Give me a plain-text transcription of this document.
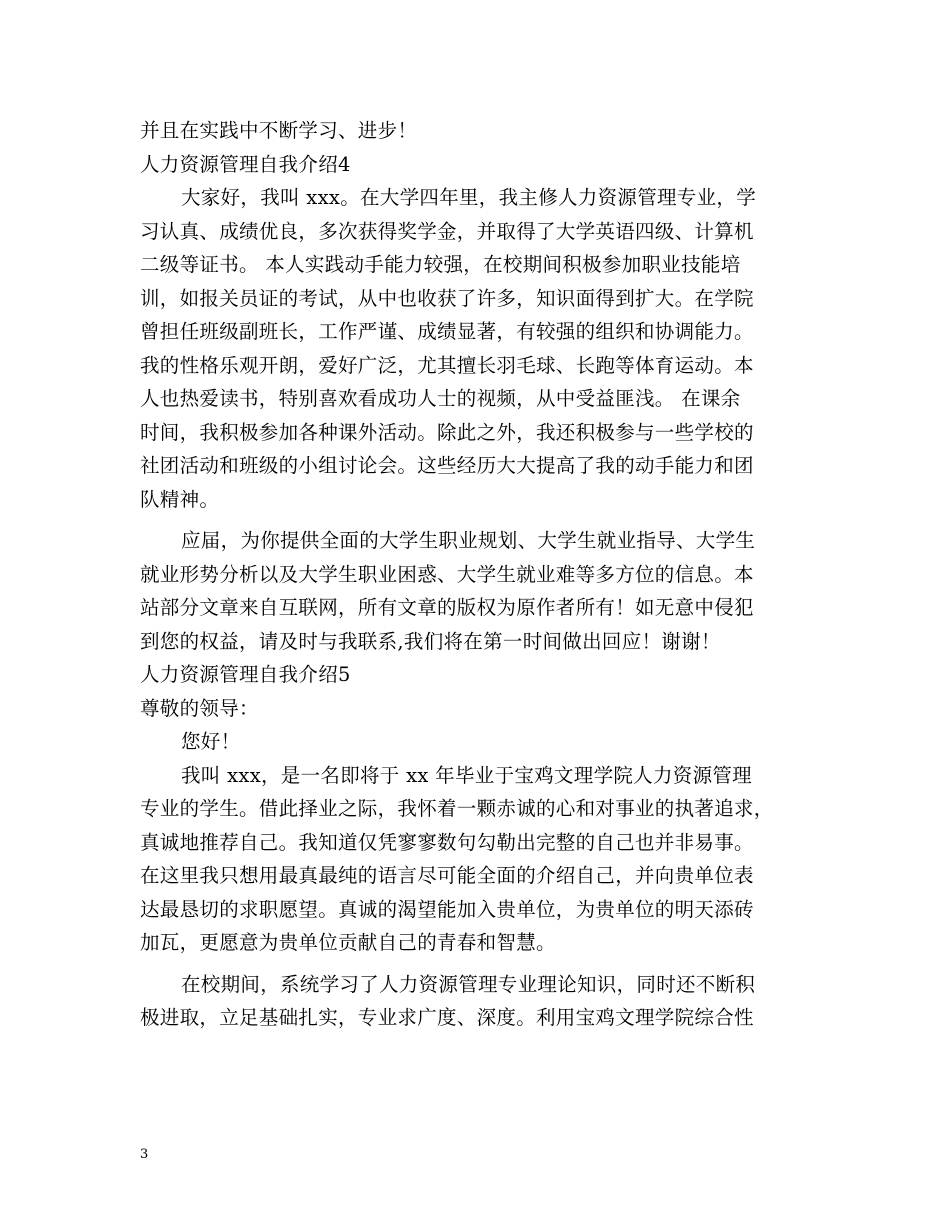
并且在实践中不断学习、进步！
人力资源管理自我介绍4
大家好，我叫 xxx。在大学四年里，我主修人力资源管理专业，学
习认真、成绩优良，多次获得奖学金，并取得了大学英语四级、计算机
二级等证书。 本人实践动手能力较强，在校期间积极参加职业技能培
训，如报关员证的考试，从中也收获了许多，知识面得到扩大。在学院
曾担任班级副班长，工作严谨、成绩显著，有较强的组织和协调能力。
我的性格乐观开朗，爱好广泛，尤其擅长羽毛球、长跑等体育运动。本
人也热爱读书，特别喜欢看成功人士的视频，从中受益匪浅。 在课余
时间，我积极参加各种课外活动。除此之外，我还积极参与一些学校的
社团活动和班级的小组讨论会。这些经历大大提高了我的动手能力和团
队精神。
应届，为你提供全面的大学生职业规划、大学生就业指导、大学生
就业形势分析以及大学生职业困惑、大学生就业难等多方位的信息。本
站部分文章来自互联网，所有文章的版权为原作者所有！如无意中侵犯
到您的权益，请及时与我联系,我们将在第一时间做出回应！谢谢！
人力资源管理自我介绍5
尊敬的领导：
您好！
我叫 xxx，是一名即将于 xx 年毕业于宝鸡文理学院人力资源管理
专业的学生。借此择业之际，我怀着一颗赤诚的心和对事业的执著追求，
真诚地推荐自己。我知道仅凭寥寥数句勾勒出完整的自己也并非易事。
在这里我只想用最真最纯的语言尽可能全面的介绍自己，并向贵单位表
达最恳切的求职愿望。真诚的渴望能加入贵单位，为贵单位的明天添砖
加瓦，更愿意为贵单位贡献自己的青春和智慧。
在校期间，系统学习了人力资源管理专业理论知识，同时还不断积
极进取，立足基础扎实，专业求广度、深度。利用宝鸡文理学院综合性
3
